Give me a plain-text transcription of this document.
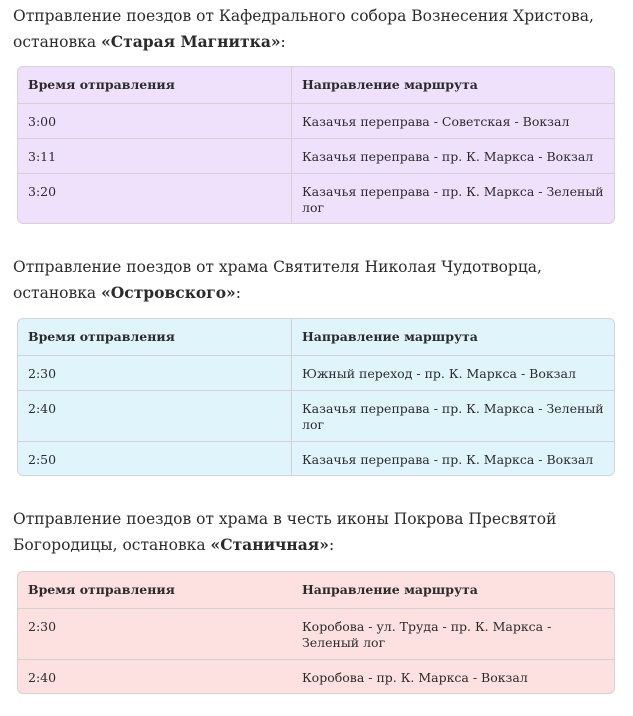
Отправление поездов от Кафедрального собора Вознесения Христова, остановка «Старая Магнитка»:

Время отправления	Направление маршрута
3:00	Казачья переправа - Советская - Вокзал
3:11	Казачья переправа - пр. К. Маркса - Вокзал
3:20	Казачья переправа - пр. К. Маркса - Зеленый лог

Отправление поездов от храма Святителя Николая Чудотворца, остановка «Островского»:

Время отправления	Направление маршрута
2:30	Южный переход - пр. К. Маркса - Вокзал
2:40	Казачья переправа - пр. К. Маркса - Зеленый лог
2:50	Казачья переправа - пр. К. Маркса - Вокзал

Отправление поездов от храма в честь иконы Покрова Пресвятой Богородицы, остановка «Станичная»:

Время отправления	Направление маршрута
2:30	Коробова - ул. Труда - пр. К. Маркса - Зеленый лог
2:40	Коробова - пр. К. Маркса - Вокзал
